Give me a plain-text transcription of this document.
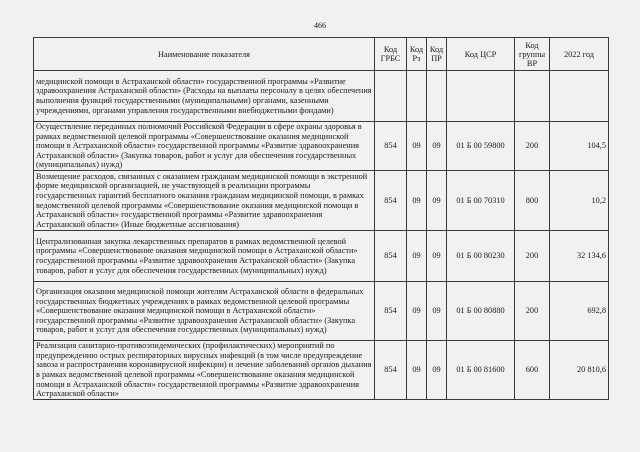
466
Наименование показателя	Код ГРБС	Код Рз	Код ПР	Код ЦСР	Код группы ВР	2022 год
медицинской помощи в Астраханской области» государственной программы «Развитие здравоохранения Астраханской области» (Расходы на выплаты персоналу в целях обеспечения выполнения функций государственными (муниципальными) органами, казенными учреждениями, органами управления государственными внебюджетными фондами)						
Осуществление переданных полномочий Российской Федерации в сфере охраны здоровья в рамках ведомственной целевой программы «Совершенствование оказания медицинской помощи в Астраханской области» государственной программы «Развитие здравоохранения Астраханской области» (Закупка товаров, работ и услуг для обеспечения государственных (муниципальных) нужд)	854	09	09	01 Б 00 59800	200	104,5
Возмещение расходов, связанных с оказанием гражданам медицинской помощи в экстренной форме медицинской организацией, не участвующей в реализации программы государственных гарантий бесплатного оказания гражданам медицинской помощи, в рамках ведомственной целевой программы «Совершенствование оказания медицинской помощи в Астраханской области» государственной программы «Развитие здравоохранения Астраханской области» (Иные бюджетные ассигнования)	854	09	09	01 Б 00 70310	800	10,2
Централизованная закупка лекарственных препаратов в рамках ведомственной целевой программы «Совершенствование оказания медицинской помощи в Астраханской области» государственной программы «Развитие здравоохранения Астраханской области» (Закупка товаров, работ и услуг для обеспечения государственных (муниципальных) нужд)	854	09	09	01 Б 00 80230	200	32 134,6
Организация оказания медицинской помощи жителям Астраханской области в федеральных государственных бюджетных учреждениях в рамках ведомственной целевой программы «Совершенствование оказания медицинской помощи в Астраханской области» государственной программы «Развитие здравоохранения Астраханской области» (Закупка товаров, работ и услуг для обеспечения государственных (муниципальных) нужд)	854	09	09	01 Б 00 80880	200	692,8
Реализация санитарно-противоэпидемических (профилактических) мероприятий по предупреждению острых респираторных вирусных инфекций (в том числе предупреждение завоза и распространения коронавирусной инфекции) и лечение заболеваний органов дыхания в рамках ведомственной целевой программы «Совершенствование оказания медицинской помощи в Астраханской области» государственной программы «Развитие здравоохранения Астраханской области»	854	09	09	01 Б 00 81600	600	20 810,6
